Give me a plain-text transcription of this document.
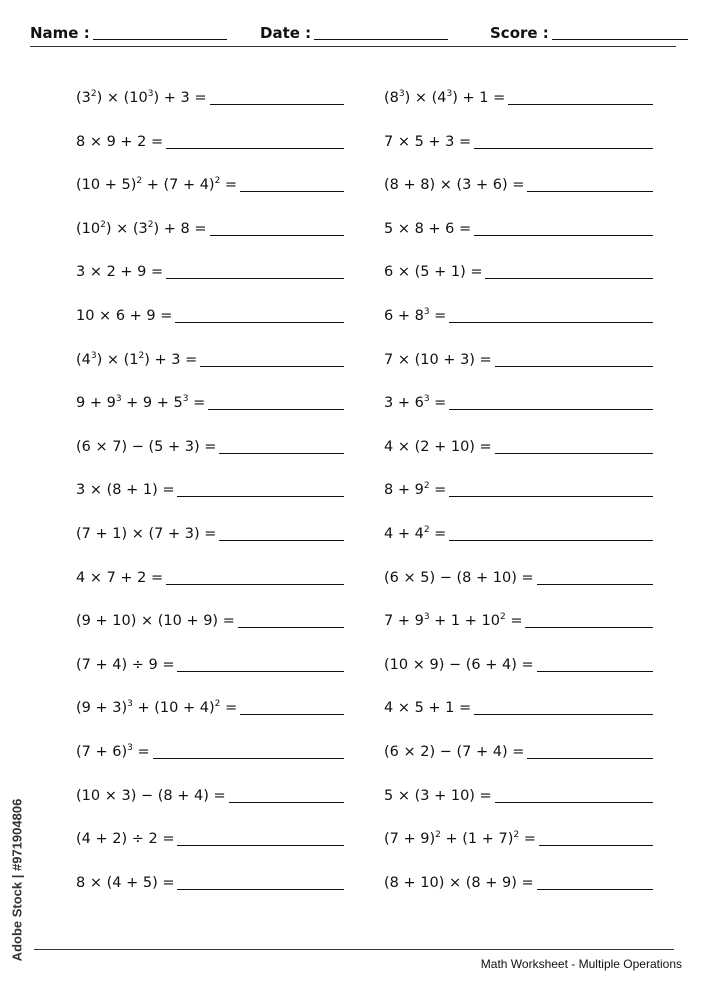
Name :	Date :	Score :
$(3^2) \times (10^3) + 3$ =
8 × 9 + 2 =
$(10 + 5)^2 + (7 + 4)^2$ =
$(10^2) \times (3^2) + 8$ =
3 × 2 + 9 =
10 × 6 + 9 =
$(4^3) \times (1^2) + 3$ =
$9 + 9^3 + 9 + 5^3$ =
(6 × 7) − (5 + 3) =
3 × (8 + 1) =
(7 + 1) × (7 + 3) =
4 × 7 + 2 =
(9 + 10) × (10 + 9) =
(7 + 4) ÷ 9 =
$(9 + 3)^3 + (10 + 4)^2$ =
$(7 + 6)^3$ =
(10 × 3) − (8 + 4) =
(4 + 2) ÷ 2 =
8 × (4 + 5) =
$(8^3) \times (4^3) + 1$ =
7 × 5 + 3 =
(8 + 8) × (3 + 6) =
5 × 8 + 6 =
6 × (5 + 1) =
$6 + 8^3$ =
7 × (10 + 3) =
$3 + 6^3$ =
4 × (2 + 10) =
$8 + 9^2$ =
$4 + 4^2$ =
(6 × 5) − (8 + 10) =
$7 + 9^3 + 1 + 10^2$ =
(10 × 9) − (6 + 4) =
4 × 5 + 1 =
(6 × 2) − (7 + 4) =
5 × (3 + 10) =
$(7 + 9)^2 + (1 + 7)^2$ =
(8 + 10) × (8 + 9) =
Math Worksheet - Multiple Operations
Adobe Stock | #971904806
